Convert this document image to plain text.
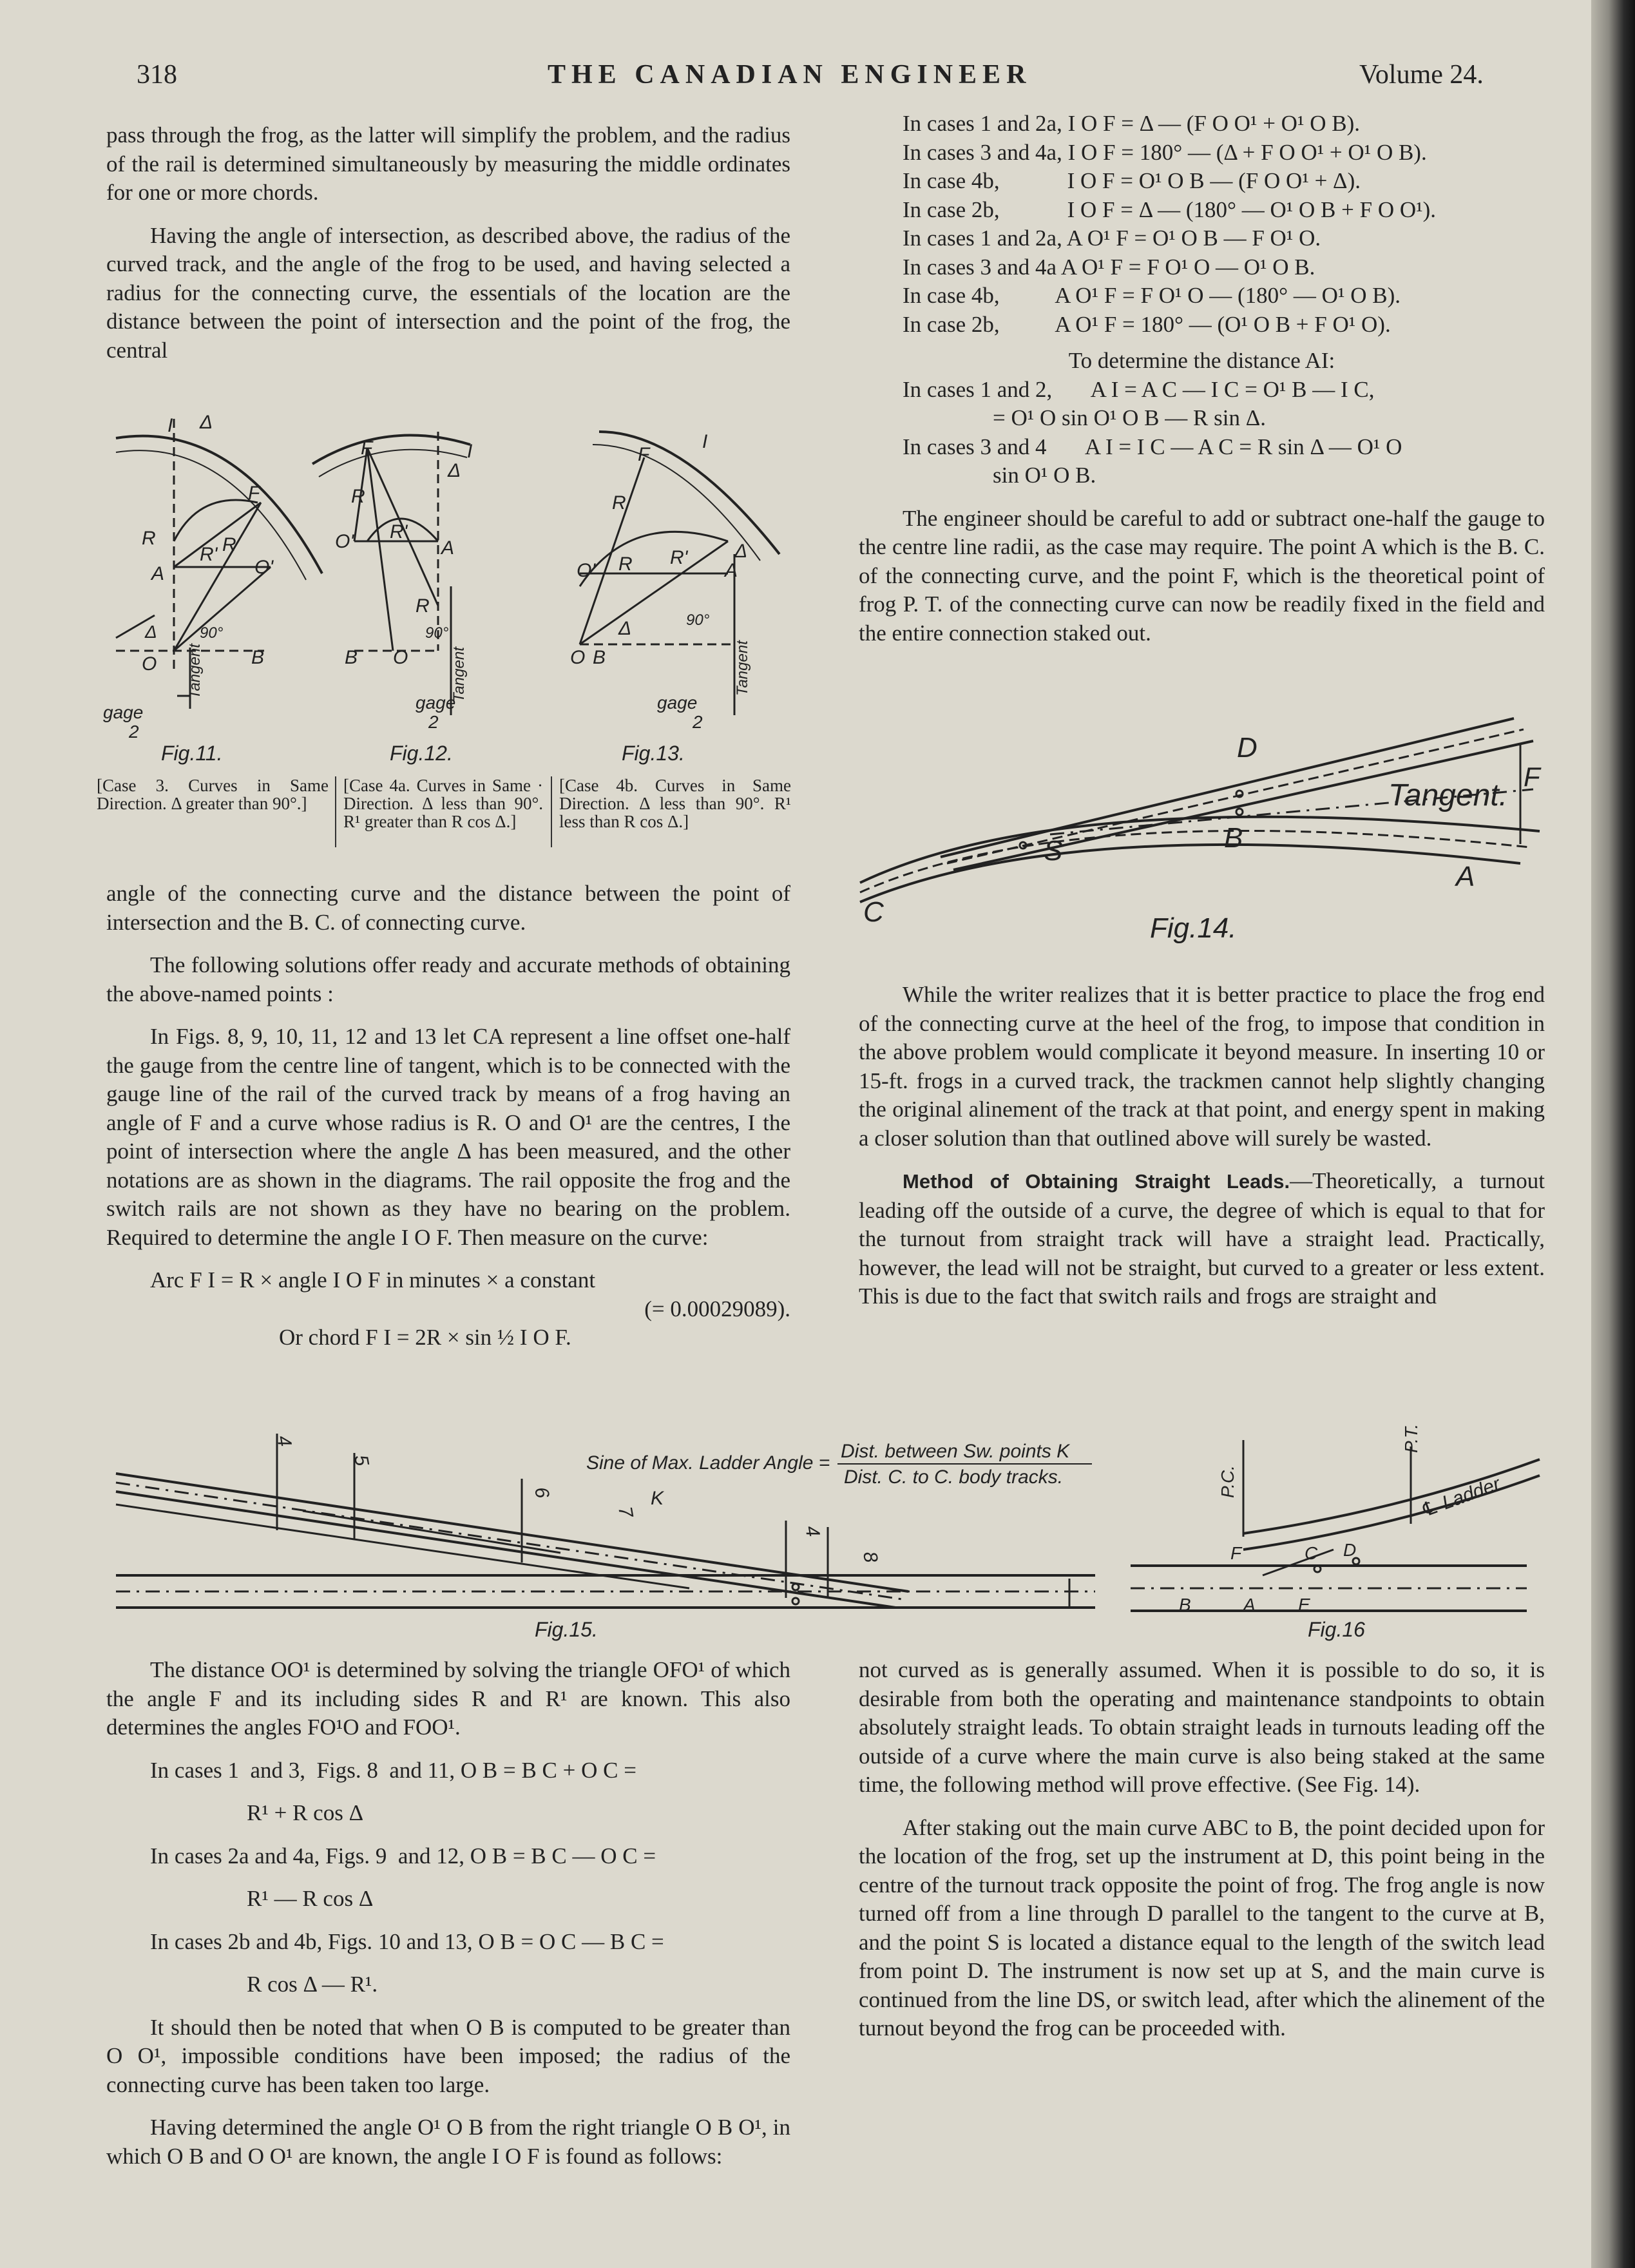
318	THE CANADIAN ENGINEER	Volume 24.

pass through the frog, as the latter will simplify the problem, and the radius of the rail is determined simultaneously by measuring the middle ordinates for one or more chords.

Having the angle of intersection, as described above, the radius of the curved track, and the angle of the frog to be used, and having selected a radius for the connecting curve, the essentials of the location are the distance between the point of intersection and the point of the frog, the central

I Δ
R
R' R
F
O'
A
Δ	90°
O	B
Tangent
gage
2
Fig.11.
F
R
I
Δ
O' R'
A
R
90°
B O	Tangent
gage
2
Fig.12.
F
R
I
Δ
O' R	A
R'
Δ	90°
O B	Tangent
gage
2
Fig.13.
[Case 3. Curves in Same Direction. Δ greater than 90°.]
[Case 4a. Curves in Same · Direction. Δ less than 90°. R¹ greater than R cos Δ.]
[Case 4b. Curves in Same Direction. Δ less than 90°. R¹ less than R cos Δ.]

angle of the connecting curve and the distance between the point of intersection and the B. C. of connecting curve.

The following solutions offer ready and accurate methods of obtaining the above-named points :

In Figs. 8, 9, 10, 11, 12 and 13 let CA represent a line offset one-half the gauge from the centre line of tangent, which is to be connected with the gauge line of the rail of the curved track by means of a frog having an angle of F and a curve whose radius is R. O and O¹ are the centres, I the point of intersection where the angle Δ has been measured, and the other notations are as shown in the diagrams. The rail opposite the frog and the switch rails are not shown as they have no bearing on the problem. Required to determine the angle I O F. Then measure on the curve:

Arc F I = R × angle I O F in minutes × a constant

(= 0.00029089).

Or chord F I = 2R × sin ½ I O F.

In cases 1 and 2a, I O F = Δ — (F O O¹ + O¹ O B).

In cases 3 and 4a, I O F = 180° — (Δ + F O O¹ + O¹ O B).

In case 4b,            I O F = O¹ O B — (F O O¹ + Δ).

In case 2b,            I O F = Δ — (180° — O¹ O B + F O O¹).

In cases 1 and 2a, A O¹ F = O¹ O B — F O¹ O.

In cases 3 and 4a A O¹ F = F O¹ O — O¹ O B.

In case 4b,          A O¹ F = F O¹ O — (180° — O¹ O B).

In case 2b,          A O¹ F = 180° — (O¹ O B + F O¹ O).

To determine the distance AI:

In cases 1 and 2,       A I = A C — I C = O¹ B — I C,

= O¹ O sin O¹ O B — R sin Δ.

In cases 3 and 4       A I = I C — A C = R sin Δ — O¹ O

sin O¹ O B.

The engineer should be careful to add or subtract one-half the gauge to the centre line radii, as the case may require. The point A which is the B. C. of the connecting curve, and the point F, which is the theoretical point of frog P. T. of the connecting curve can now be readily fixed in the field and the entire connection staked out.

D
F
Tangent.
B
S
A
C
Fig.14.

While the writer realizes that it is better practice to place the frog end of the connecting curve at the heel of the frog, to impose that condition in the above problem would complicate it beyond measure. In inserting 10 or 15-ft. frogs in a curved track, the trackmen cannot help slightly changing the original alinement of the track at that point, and energy spent in making a closer solution than that outlined above will surely be wasted.

Method of Obtaining Straight Leads.—Theoretically, a turnout leading off the outside of a curve, the degree of which is equal to that for the turnout from straight track will have a straight lead. Practically, however, the lead will not be straight, but curved to a greater or less extent. This is due to the fact that switch rails and frogs are straight and

4
5
6
7
K
8
4
Sine of Max. Ladder Angle =
Dist. between Sw. points K
Dist. C. to C. body tracks.
Fig.15.
P.C.
P.T.
℄ Ladder
F	C D
B	A E
Fig.16

The distance OO¹ is determined by solving the triangle OFO¹ of which the angle F and its including sides R and R¹ are known. This also determines the angles FO¹O and FOO¹.

In cases 1  and 3,  Figs. 8  and 11, O B = B C + O C =

R¹ + R cos Δ

In cases 2a and 4a, Figs. 9  and 12, O B = B C — O C =

R¹ — R cos Δ

In cases 2b and 4b, Figs. 10 and 13, O B = O C — B C =

R cos Δ — R¹.

It should then be noted that when O B is computed to be greater than O O¹, impossible conditions have been imposed; the radius of the connecting curve has been taken too large.

Having determined the angle O¹ O B from the right triangle O B O¹, in which O B and O O¹ are known, the angle I O F is found as follows:

not curved as is generally assumed. When it is possible to do so, it is desirable from both the operating and maintenance standpoints to obtain absolutely straight leads. To obtain straight leads in turnouts leading off the outside of a curve where the main curve is also being staked at the same time, the following method will prove effective. (See Fig. 14).

After staking out the main curve ABC to B, the point decided upon for the location of the frog, set up the instrument at D, this point being in the centre of the turnout track opposite the point of frog. The frog angle is now turned off from a line through D parallel to the tangent to the curve at B, and the point S is located a distance equal to the length of the switch lead from point D. The instrument is now set up at S, and the main curve is continued from the line DS, or switch lead, after which the alinement of the turnout beyond the frog can be proceeded with.
